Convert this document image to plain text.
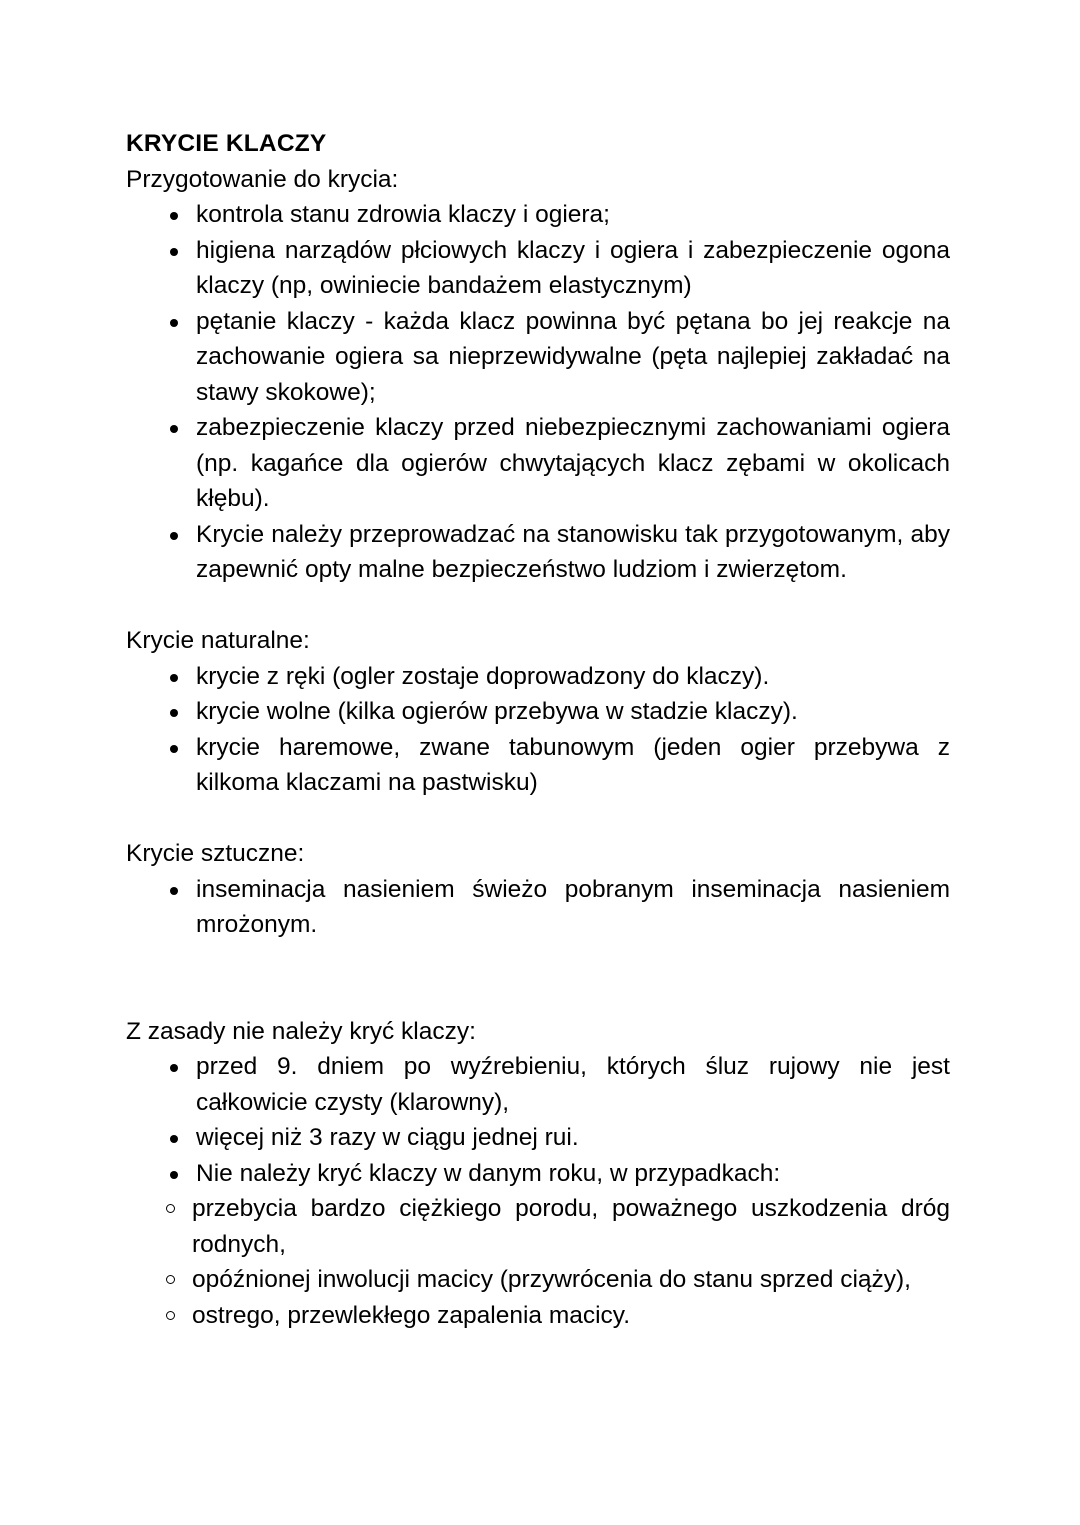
KRYCIE KLACZY

Przygotowanie do krycia:

kontrola stanu zdrowia klaczy i ogiera;
higiena narządów płciowych klaczy i ogiera i zabezpieczenie ogona klaczy (np, owiniecie bandażem elastycznym)
pętanie klaczy - każda klacz powinna być pętana bo jej reakcje na zachowanie ogiera sa nieprzewidywalne (pęta najlepiej zakładać na stawy skokowe);
zabezpieczenie klaczy przed niebezpiecznymi zachowaniami ogiera (np. kagańce dla ogierów chwytających klacz zębami w okolicach kłębu).
Krycie należy przeprowadzać na stanowisku tak przygotowanym, aby zapewnić opty malne bezpieczeństwo ludziom i zwierzętom.

Krycie naturalne:

krycie z ręki (ogler zostaje doprowadzony do klaczy).
krycie wolne (kilka ogierów przebywa w stadzie klaczy).
krycie haremowe, zwane tabunowym (jeden ogier przebywa z kilkoma klaczami na pastwisku)

Krycie sztuczne:

inseminacja nasieniem świeżo pobranym inseminacja nasieniem mrożonym.

Z zasady nie należy kryć klaczy:

przed 9. dniem po wyźrebieniu, których śluz rujowy nie jest całkowicie czysty (klarowny),
więcej niż 3 razy w ciągu jednej rui.
Nie należy kryć klaczy w danym roku, w przypadkach:
przebycia bardzo ciężkiego porodu, poważnego uszkodzenia dróg rodnych,
opóźnionej inwolucji macicy (przywrócenia do stanu sprzed ciąży),
ostrego, przewlekłego zapalenia macicy.
